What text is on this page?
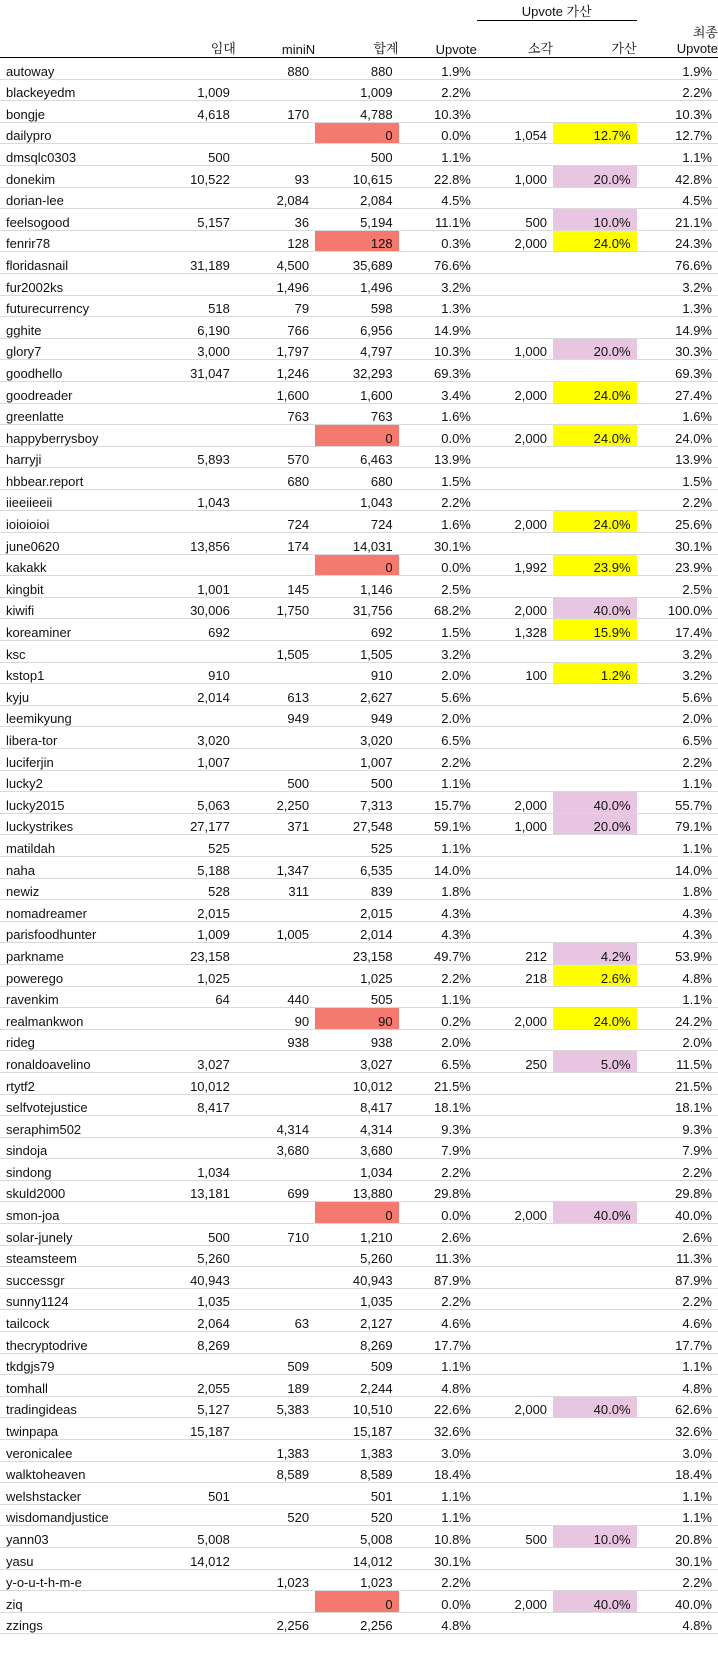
					Upvote 가산		
	임대	miniN	합계	Upvote	소각	가산	최종
Upvote
autoway		880	880	1.9%			1.9%
blackeyedm	1,009		1,009	2.2%			2.2%
bongje	4,618	170	4,788	10.3%			10.3%
dailypro			0	0.0%	1,054	12.7%	12.7%
dmsqlc0303	500		500	1.1%			1.1%
donekim	10,522	93	10,615	22.8%	1,000	20.0%	42.8%
dorian-lee		2,084	2,084	4.5%			4.5%
feelsogood	5,157	36	5,194	11.1%	500	10.0%	21.1%
fenrir78		128	128	0.3%	2,000	24.0%	24.3%
floridasnail	31,189	4,500	35,689	76.6%			76.6%
fur2002ks		1,496	1,496	3.2%			3.2%
futurecurrency	518	79	598	1.3%			1.3%
gghite	6,190	766	6,956	14.9%			14.9%
glory7	3,000	1,797	4,797	10.3%	1,000	20.0%	30.3%
goodhello	31,047	1,246	32,293	69.3%			69.3%
goodreader		1,600	1,600	3.4%	2,000	24.0%	27.4%
greenlatte		763	763	1.6%			1.6%
happyberrysboy			0	0.0%	2,000	24.0%	24.0%
harryji	5,893	570	6,463	13.9%			13.9%
hbbear.report		680	680	1.5%			1.5%
iieeiieeii	1,043		1,043	2.2%			2.2%
ioioioioi		724	724	1.6%	2,000	24.0%	25.6%
june0620	13,856	174	14,031	30.1%			30.1%
kakakk			0	0.0%	1,992	23.9%	23.9%
kingbit	1,001	145	1,146	2.5%			2.5%
kiwifi	30,006	1,750	31,756	68.2%	2,000	40.0%	100.0%
koreaminer	692		692	1.5%	1,328	15.9%	17.4%
ksc		1,505	1,505	3.2%			3.2%
kstop1	910		910	2.0%	100	1.2%	3.2%
kyju	2,014	613	2,627	5.6%			5.6%
leemikyung		949	949	2.0%			2.0%
libera-tor	3,020		3,020	6.5%			6.5%
luciferjin	1,007		1,007	2.2%			2.2%
lucky2		500	500	1.1%			1.1%
lucky2015	5,063	2,250	7,313	15.7%	2,000	40.0%	55.7%
luckystrikes	27,177	371	27,548	59.1%	1,000	20.0%	79.1%
matildah	525		525	1.1%			1.1%
naha	5,188	1,347	6,535	14.0%			14.0%
newiz	528	311	839	1.8%			1.8%
nomadreamer	2,015		2,015	4.3%			4.3%
parisfoodhunter	1,009	1,005	2,014	4.3%			4.3%
parkname	23,158		23,158	49.7%	212	4.2%	53.9%
powerego	1,025		1,025	2.2%	218	2.6%	4.8%
ravenkim	64	440	505	1.1%			1.1%
realmankwon		90	90	0.2%	2,000	24.0%	24.2%
rideg		938	938	2.0%			2.0%
ronaldoavelino	3,027		3,027	6.5%	250	5.0%	11.5%
rtytf2	10,012		10,012	21.5%			21.5%
selfvotejustice	8,417		8,417	18.1%			18.1%
seraphim502		4,314	4,314	9.3%			9.3%
sindoja		3,680	3,680	7.9%			7.9%
sindong	1,034		1,034	2.2%			2.2%
skuld2000	13,181	699	13,880	29.8%			29.8%
smon-joa			0	0.0%	2,000	40.0%	40.0%
solar-junely	500	710	1,210	2.6%			2.6%
steamsteem	5,260		5,260	11.3%			11.3%
successgr	40,943		40,943	87.9%			87.9%
sunny1124	1,035		1,035	2.2%			2.2%
tailcock	2,064	63	2,127	4.6%			4.6%
thecryptodrive	8,269		8,269	17.7%			17.7%
tkdgjs79		509	509	1.1%			1.1%
tomhall	2,055	189	2,244	4.8%			4.8%
tradingideas	5,127	5,383	10,510	22.6%	2,000	40.0%	62.6%
twinpapa	15,187		15,187	32.6%			32.6%
veronicalee		1,383	1,383	3.0%			3.0%
walktoheaven		8,589	8,589	18.4%			18.4%
welshstacker	501		501	1.1%			1.1%
wisdomandjustice		520	520	1.1%			1.1%
yann03	5,008		5,008	10.8%	500	10.0%	20.8%
yasu	14,012		14,012	30.1%			30.1%
y-o-u-t-h-m-e		1,023	1,023	2.2%			2.2%
ziq			0	0.0%	2,000	40.0%	40.0%
zzings		2,256	2,256	4.8%			4.8%
